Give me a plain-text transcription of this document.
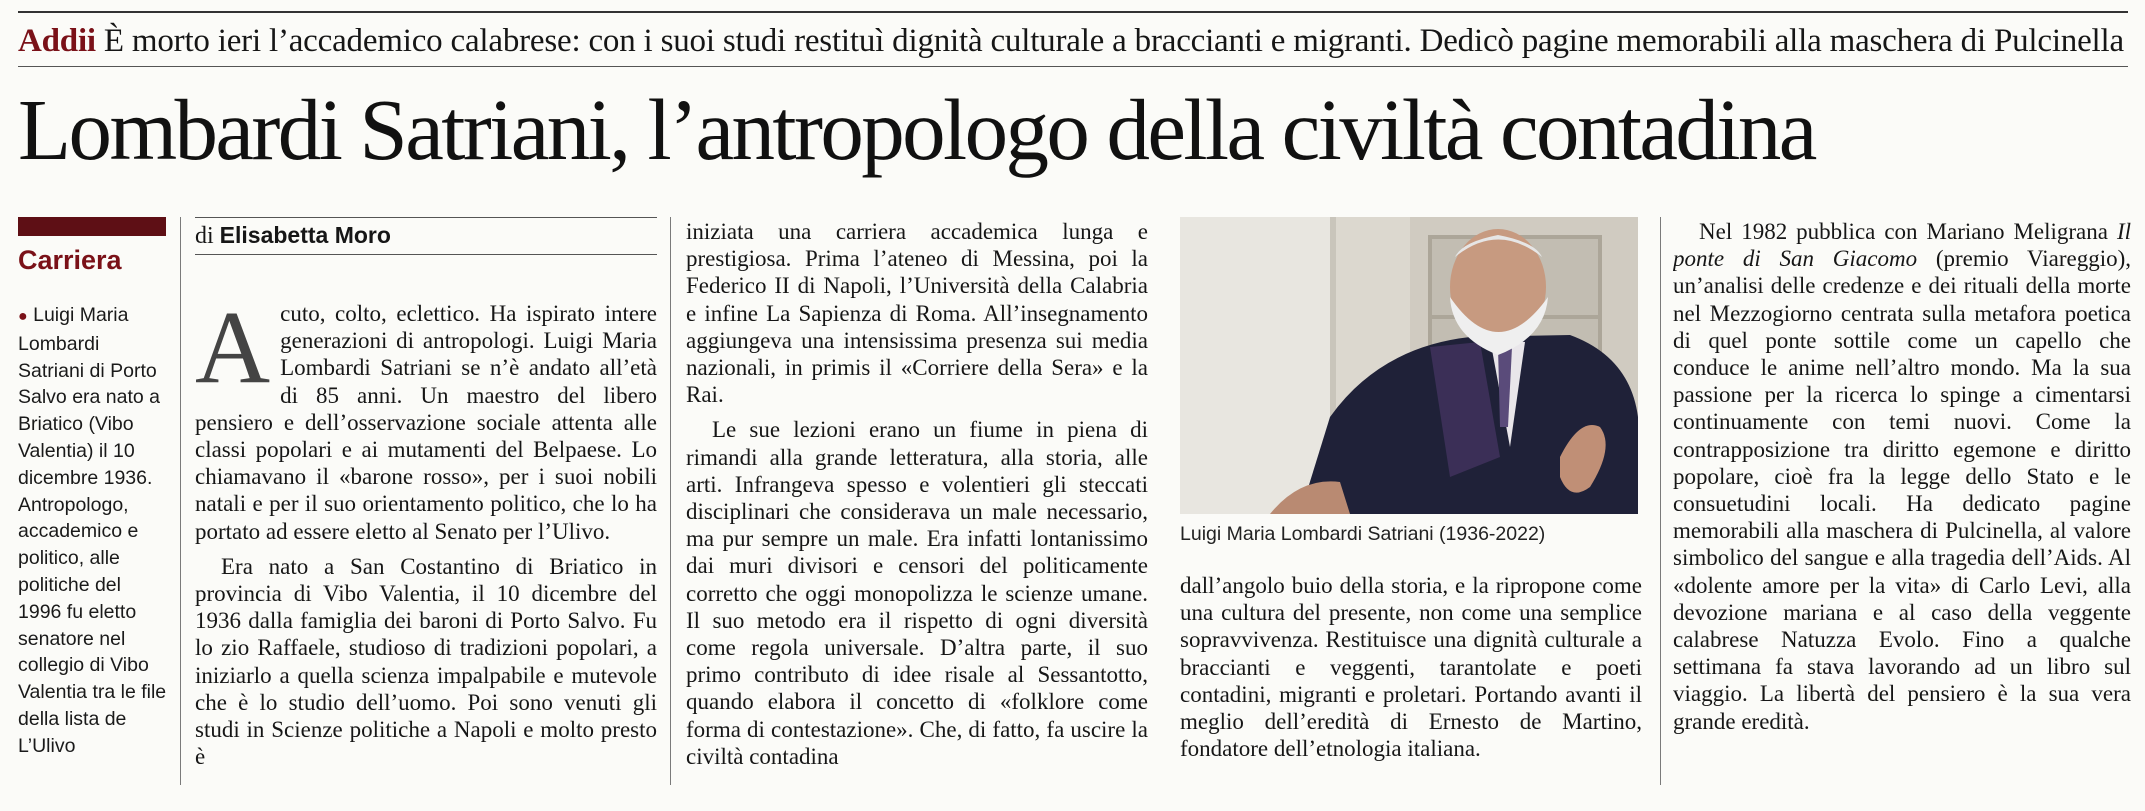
Addii È morto ieri l’accademico calabrese: con i suoi studi restituì dignità culturale a braccianti e migranti. Dedicò pagine memorabili alla maschera di Pulcinella
Lombardi Satriani, l’antropologo della civiltà contadina
Carriera

● Luigi Maria Lombardi Satriani di Porto Salvo era nato a Briatico (Vibo Valentia) il 10 dicembre 1936. Antropologo, accademico e politico, alle politiche del 1996 fu eletto senatore nel collegio di Vibo Valentia tra le file della lista de L’Ulivo

di Elisabetta Moro

Acuto, colto, eclettico. Ha ispirato intere generazioni di antropologi. Luigi Maria Lombardi Satriani se n’è andato all’età di 85 anni. Un maestro del libero pensiero e dell’osservazione sociale attenta alle classi popolari e ai mutamenti del Belpaese. Lo chiamavano il «barone rosso», per i suoi nobili natali e per il suo orientamento politico, che lo ha portato ad essere eletto al Senato per l’Ulivo.

Era nato a San Costantino di Briatico in provincia di Vibo Valentia, il 10 dicembre del 1936 dalla famiglia dei baroni di Porto Salvo. Fu lo zio Raffaele, studioso di tradizioni popolari, a iniziarlo a quella scienza impalpabile e mutevole che è lo studio dell’uomo. Poi sono venuti gli studi in Scienze politiche a Napoli e molto presto è

iniziata una carriera accademica lunga e prestigiosa. Prima l’ateneo di Messina, poi la Federico II di Napoli, l’Università della Calabria e infine La Sapienza di Roma. All’insegnamento aggiungeva una intensissima presenza sui media nazionali, in primis il «Corriere della Sera» e la Rai.

Le sue lezioni erano un fiume in piena di rimandi alla grande letteratura, alla storia, alle arti. Infrangeva spesso e volentieri gli steccati disciplinari che considerava un male necessario, ma pur sempre un male. Era infatti lontanissimo dai muri divisori e censori del politicamente corretto che oggi monopolizza le scienze umane. Il suo metodo era il rispetto di ogni diversità come regola universale. D’altra parte, il suo primo contributo di idee risale al Sessantotto, quando elabora il concetto di «folklore come forma di contestazione». Che, di fatto, fa uscire la civiltà contadina

Luigi Maria Lombardi Satriani (1936-2022)

dall’angolo buio della storia, e la ripropone come una cultura del presente, non come una semplice sopravvivenza. Restituisce una dignità culturale a braccianti e veggenti, tarantolate e poeti contadini, migranti e proletari. Portando avanti il meglio dell’eredità di Ernesto de Martino, fondatore dell’etnologia italiana.

Nel 1982 pubblica con Mariano Meligrana Il ponte di San Giacomo (premio Viareggio), un’analisi delle credenze e dei rituali della morte nel Mezzogiorno centrata sulla metafora poetica di quel ponte sottile come un capello che conduce le anime nell’altro mondo. Ma la sua passione per la ricerca lo spinge a cimentarsi continuamente con temi nuovi. Come la contrapposizione tra diritto egemone e diritto popolare, cioè fra la legge dello Stato e le consuetudini locali. Ha dedicato pagine memorabili alla maschera di Pulcinella, al valore simbolico del sangue e alla tragedia dell’Aids. Al «dolente amore per la vita» di Carlo Levi, alla devozione mariana e al caso della veggente calabrese Natuzza Evolo. Fino a qualche settimana fa stava lavorando ad un libro sul viaggio. La libertà del pensiero è la sua vera grande eredità.
